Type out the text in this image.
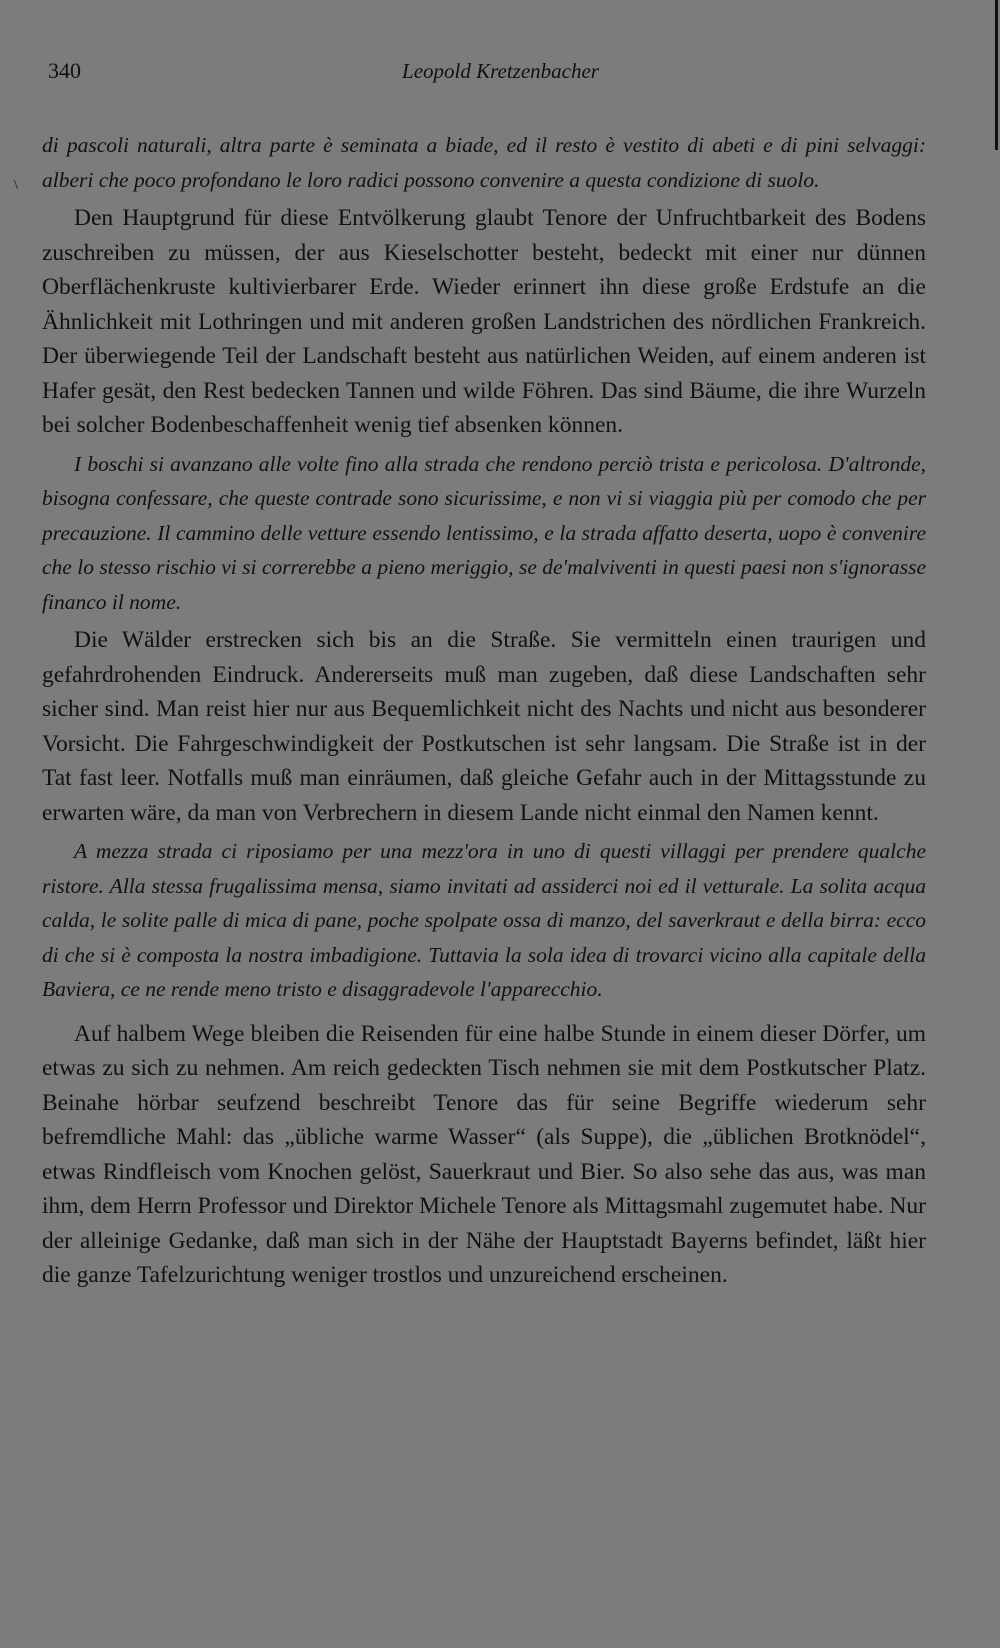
340	Leopold Kretzenbacher
\

di pascoli naturali, altra parte è seminata a biade, ed il resto è vestito di abeti e di pini selvaggi: alberi che poco profondano le loro radici possono convenire a questa condizione di suolo.

Den Hauptgrund für diese Entvölkerung glaubt Tenore der Unfruchtbarkeit des Bodens zuschreiben zu müssen, der aus Kieselschotter besteht, bedeckt mit einer nur dünnen Oberflächenkruste kultivierbarer Erde. Wieder erinnert ihn diese große Erdstufe an die Ähnlichkeit mit Lothringen und mit anderen großen Landstrichen des nördlichen Frankreich. Der überwiegende Teil der Landschaft besteht aus natürlichen Weiden, auf einem anderen ist Hafer gesät, den Rest bedecken Tannen und wilde Föhren. Das sind Bäume, die ihre Wurzeln bei solcher Bodenbeschaffenheit wenig tief absenken können.

I boschi si avanzano alle volte fino alla strada che rendono perciò trista e pericolosa. D'altronde, bisogna confessare, che queste contrade sono sicurissime, e non vi si viaggia più per comodo che per precauzione. Il cammino delle vetture essendo lentissimo, e la strada affatto deserta, uopo è convenire che lo stesso rischio vi si correrebbe a pieno meriggio, se de'malviventi in questi paesi non s'ignorasse financo il nome.

Die Wälder erstrecken sich bis an die Straße. Sie vermitteln einen traurigen und gefahrdrohenden Eindruck. Andererseits muß man zugeben, daß diese Landschaften sehr sicher sind. Man reist hier nur aus Bequemlichkeit nicht des Nachts und nicht aus besonderer Vorsicht. Die Fahrgeschwindigkeit der Postkutschen ist sehr langsam. Die Straße ist in der Tat fast leer. Notfalls muß man einräumen, daß gleiche Gefahr auch in der Mittagsstunde zu erwarten wäre, da man von Verbrechern in diesem Lande nicht einmal den Namen kennt.

A mezza strada ci riposiamo per una mezz'ora in uno di questi villaggi per prendere qualche ristore. Alla stessa frugalissima mensa, siamo invitati ad assiderci noi ed il vetturale. La solita acqua calda, le solite palle di mica di pane, poche spolpate ossa di manzo, del saverkraut e della birra: ecco di che si è composta la nostra imbadigione. Tuttavia la sola idea di trovarci vicino alla capitale della Baviera, ce ne rende meno tristo e disaggradevole l'apparecchio.

Auf halbem Wege bleiben die Reisenden für eine halbe Stunde in einem dieser Dörfer, um etwas zu sich zu nehmen. Am reich gedeckten Tisch nehmen sie mit dem Postkutscher Platz. Beinahe hörbar seufzend beschreibt Tenore das für seine Begriffe wiederum sehr befremdliche Mahl: das „übliche warme Wasser“ (als Suppe), die „üblichen Brotknödel“, etwas Rindfleisch vom Knochen gelöst, Sauerkraut und Bier. So also sehe das aus, was man ihm, dem Herrn Professor und Direktor Michele Tenore als Mittagsmahl zugemutet habe. Nur der alleinige Gedanke, daß man sich in der Nähe der Hauptstadt Bayerns befindet, läßt hier die ganze Tafelzurichtung weniger trostlos und unzureichend erscheinen.
